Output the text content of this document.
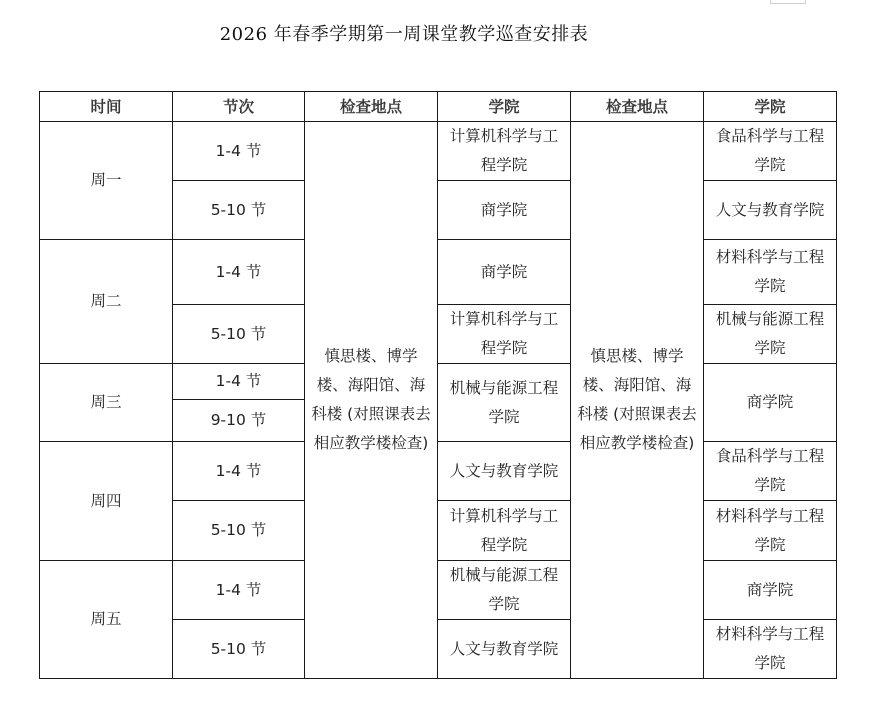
2026 年春季学期第一周课堂教学巡查安排表
时间	节次	检查地点	学院	检查地点	学院
周一	1-4 节	慎思楼、博学楼、海阳馆、海科楼 (对照课表去相应教学楼检查)	计算机科学与工程学院	慎思楼、博学楼、海阳馆、海科楼 (对照课表去相应教学楼检查)	食品科学与工程学院
	5-10 节		商学院		人文与教育学院
周二	1-4 节		商学院		材料科学与工程学院
	5-10 节		计算机科学与工程学院		机械与能源工程学院
周三	1-4 节		机械与能源工程学院		商学院
	9-10 节				
周四	1-4 节		人文与教育学院		食品科学与工程学院
	5-10 节		计算机科学与工程学院		材料科学与工程学院
周五	1-4 节		机械与能源工程学院		商学院
	5-10 节		人文与教育学院		材料科学与工程学院
